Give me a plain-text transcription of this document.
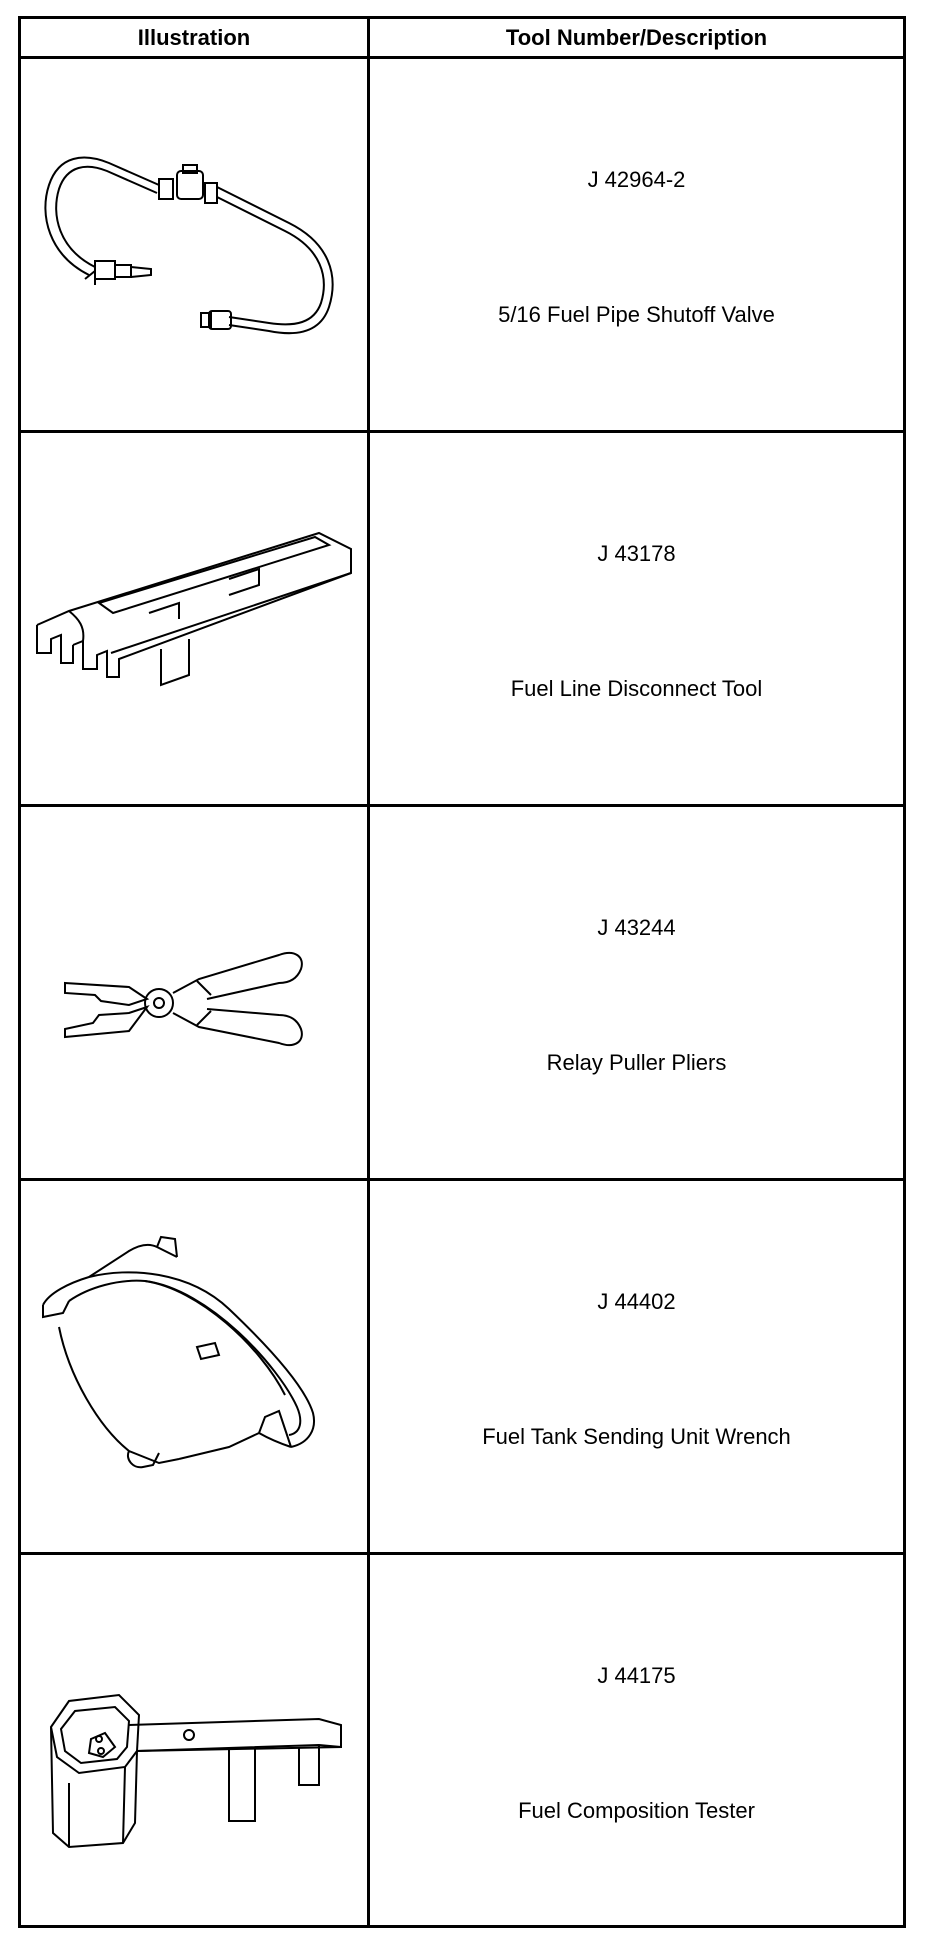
Illustration	Tool Number/Description
J 42964-2
5/16 Fuel Pipe Shutoff Valve
J 43178
Fuel Line Disconnect Tool
J 43244
Relay Puller Pliers
J 44402
Fuel Tank Sending Unit Wrench
J 44175
Fuel Composition Tester
